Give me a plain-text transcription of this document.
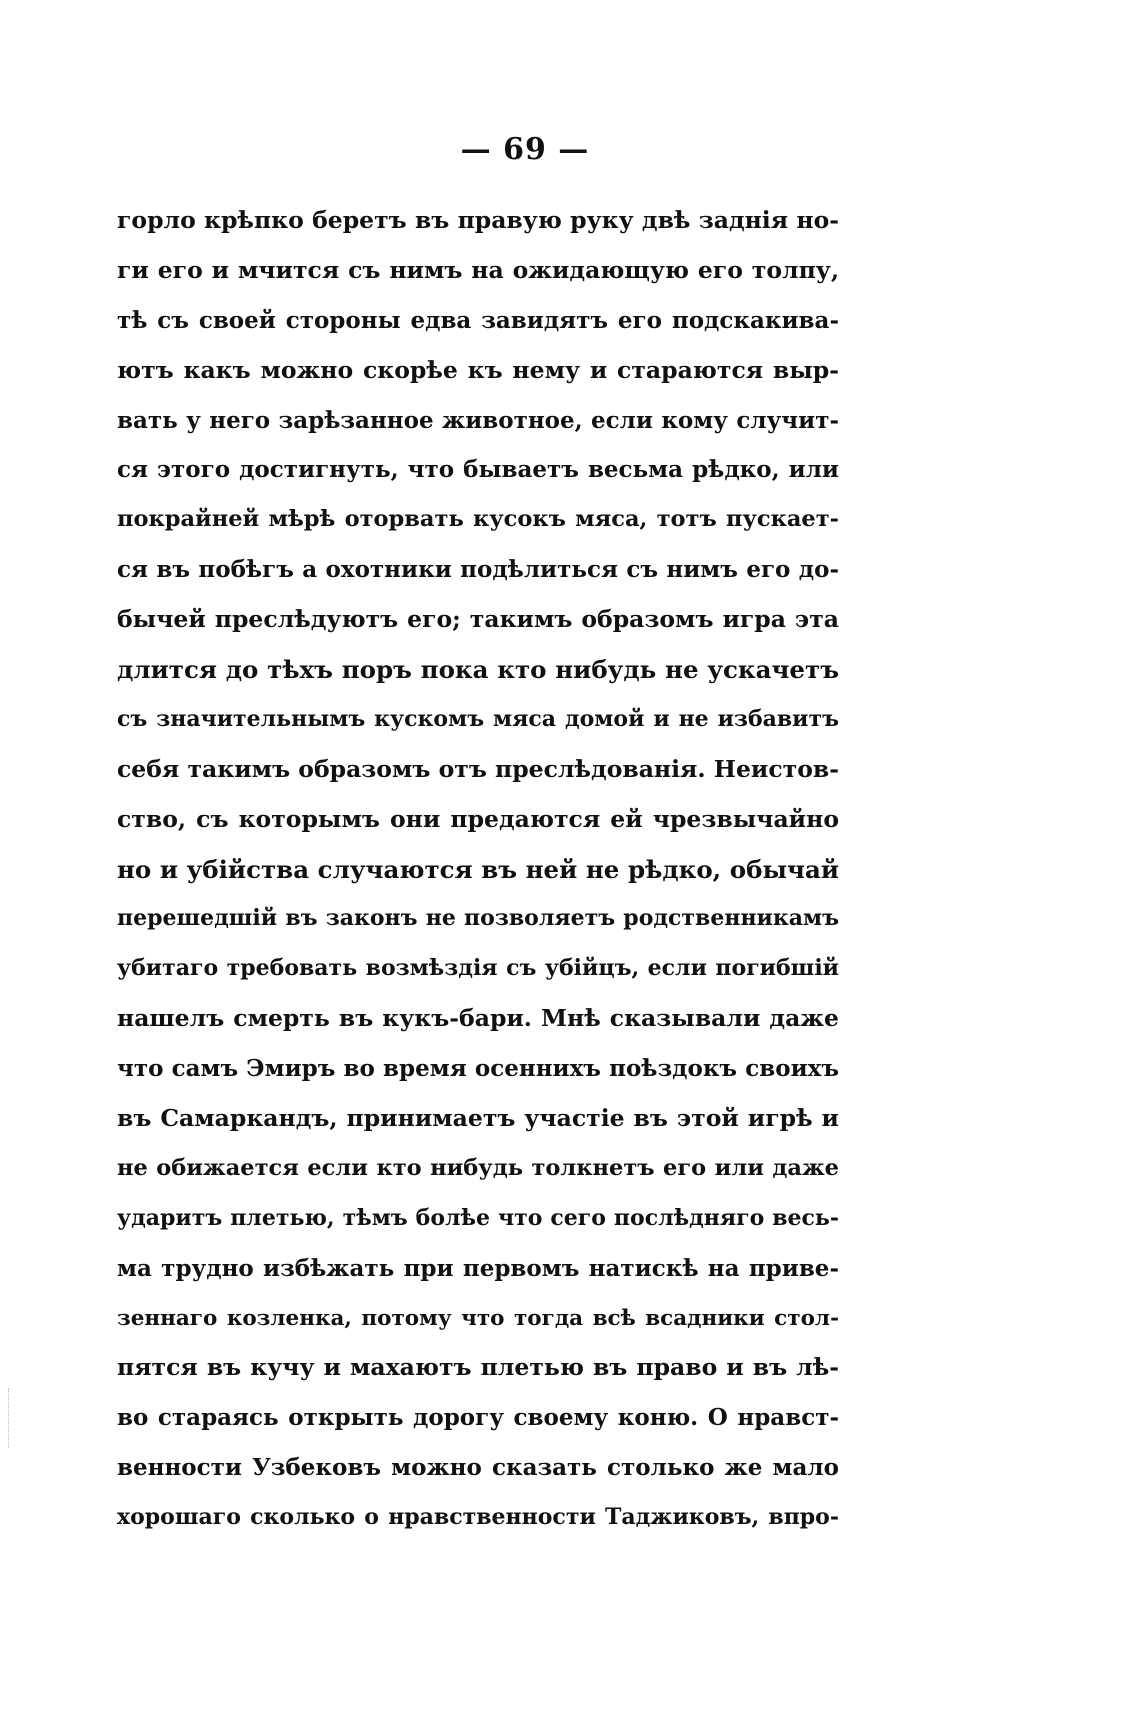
— 69 —
горло крѣпко беретъ въ правую руку двѣ заднія но-
ги его и мчится съ нимъ на ожидающую его толпу,
тѣ съ своей стороны едва завидятъ его подскакива-
ютъ какъ можно скорѣе къ нему и стараются выр-
вать у него зарѣзанное животное, если кому случит-
ся этого достигнуть, что бываетъ весьма рѣдко, или
покрайней мѣрѣ оторвать кусокъ мяса, тотъ пускает-
ся въ побѣгъ а охотники подѣлиться съ нимъ его до-
бычей преслѣдуютъ его; такимъ образомъ игра эта
длится до тѣхъ поръ пока кто нибудь не ускачетъ
съ значительнымъ кускомъ мяса домой и не избавитъ
себя такимъ образомъ отъ преслѣдованія. Неистов-
ство, съ которымъ они предаются ей чрезвычайно
но и убійства случаются въ ней не рѣдко, обычай
перешедшій въ законъ не позволяетъ родственникамъ
убитаго требовать возмѣздія съ убійцъ, если погибшій
нашелъ смерть въ кукъ-бари. Мнѣ сказывали даже
что самъ Эмиръ во время осеннихъ поѣздокъ своихъ
въ Самаркандъ, принимаетъ участіе въ этой игрѣ и
не обижается если кто нибудь толкнетъ его или даже
ударитъ плетью, тѣмъ болѣе что сего послѣдняго весь-
ма трудно избѣжать при первомъ натискѣ на приве-
зеннаго козленка, потому что тогда всѣ всадники стол-
пятся въ кучу и махаютъ плетью въ право и въ лѣ-
во стараясь открыть дорогу своему коню. О нравст-
венности Узбековъ можно сказать столько же мало
хорошаго сколько о нравственности Таджиковъ, впро-
